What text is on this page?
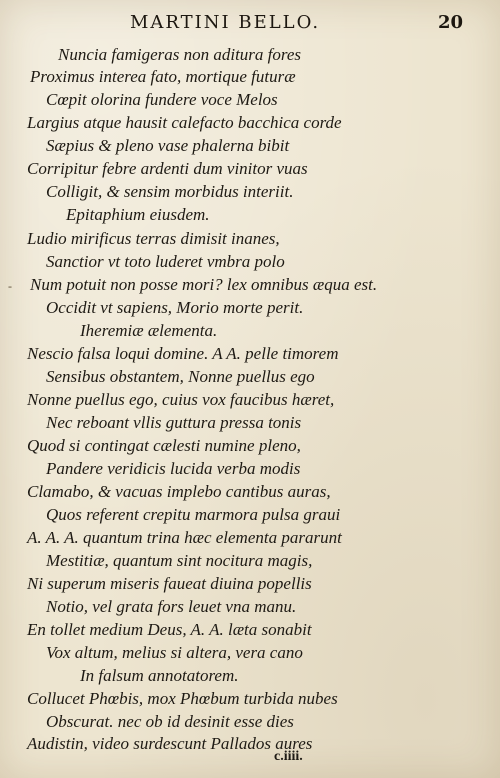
MARTINI BELLO.	20
Nuncia famigeras non aditura fores
Proximus interea fato, mortique futuræ
Cœpit olorina fundere voce Melos
Largius atque hausit calefacto bacchica corde
Sæpius & pleno vase phalerna bibit
Corripitur febre ardenti dum vinitor vuas
Colligit, & sensim morbidus interiit.
Epitaphium eiusdem.
Ludio mirificus terras dimisit inanes,
Sanctior vt toto luderet vmbra polo
Num potuit non posse mori? lex omnibus æqua est.
Occidit vt sapiens, Morio morte perit.
Iheremiæ ælementa.
Nescio falsa loqui domine. A A. pelle timorem
Sensibus obstantem, Nonne puellus ego
Nonne puellus ego, cuius vox faucibus hæret,
Nec reboant vllis guttura pressa tonis
Quod si contingat cælesti numine pleno,
Pandere veridicis lucida verba modis
Clamabo, & vacuas implebo cantibus auras,
Quos referent crepitu marmora pulsa graui
A. A. A. quantum trina hæc elementa pararunt
Mestitiæ, quantum sint nocitura magis,
Ni superum miseris faueat diuina popellis
Notio, vel grata fors leuet vna manu.
En tollet medium Deus, A. A. læta sonabit
Vox altum, melius si altera, vera cano
In falsum annotatorem.
Collucet Phœbis, mox Phœbum turbida nubes
Obscurat. nec ob id desinit esse dies
Audistin, video surdescunt Pallados aures
-
c.iiii.
